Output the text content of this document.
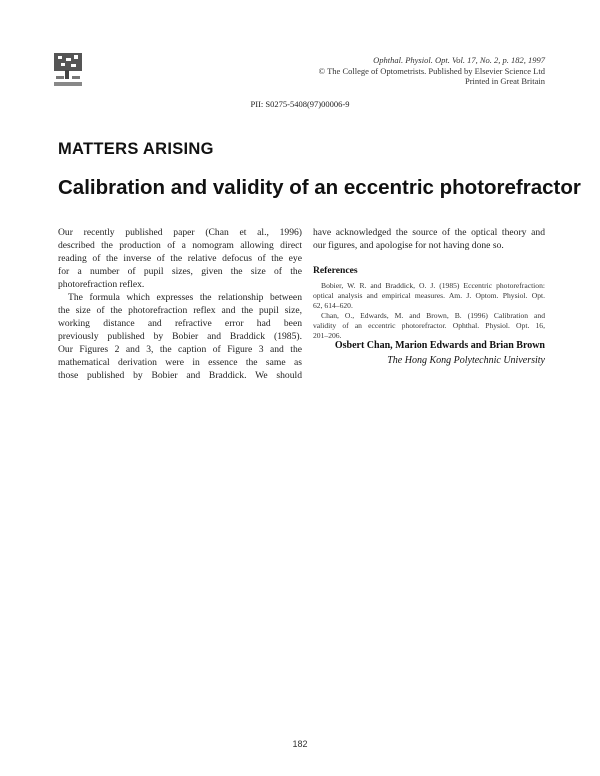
Ophthal. Physiol. Opt. Vol. 17, No. 2, p. 182, 1997
© The College of Optometrists. Published by Elsevier Science Ltd
Printed in Great Britain
PII: S0275-5408(97)00006-9
MATTERS ARISING
Calibration and validity of an eccentric photorefractor
Our recently published paper (Chan et al., 1996)
described the production of a nomogram allowing direct
reading of the inverse of the relative defocus of the eye
for a number of pupil sizes, given the size of the
photorefraction reflex.
The formula which expresses the relationship between
the size of the photorefraction reflex and the pupil size,
working distance and refractive error had been
previously published by Bobier and Braddick (1985).
Our Figures 2 and 3, the caption of Figure 3 and the
mathematical derivation were in essence the same as
those published by Bobier and Braddick. We should
have acknowledged the source of the optical theory and
our figures, and apologise for not having done so.
References
Bobier, W. R. and Braddick, O. J. (1985) Eccentric photorefraction:
optical analysis and empirical measures. Am. J. Optom. Physiol. Opt.
62, 614–620.
Chan, O., Edwards, M. and Brown, B. (1996) Calibration and
validity of an eccentric photorefractor. Ophthal. Physiol. Opt. 16,
201–206.
Osbert Chan, Marion Edwards and Brian Brown
The Hong Kong Polytechnic University
182
